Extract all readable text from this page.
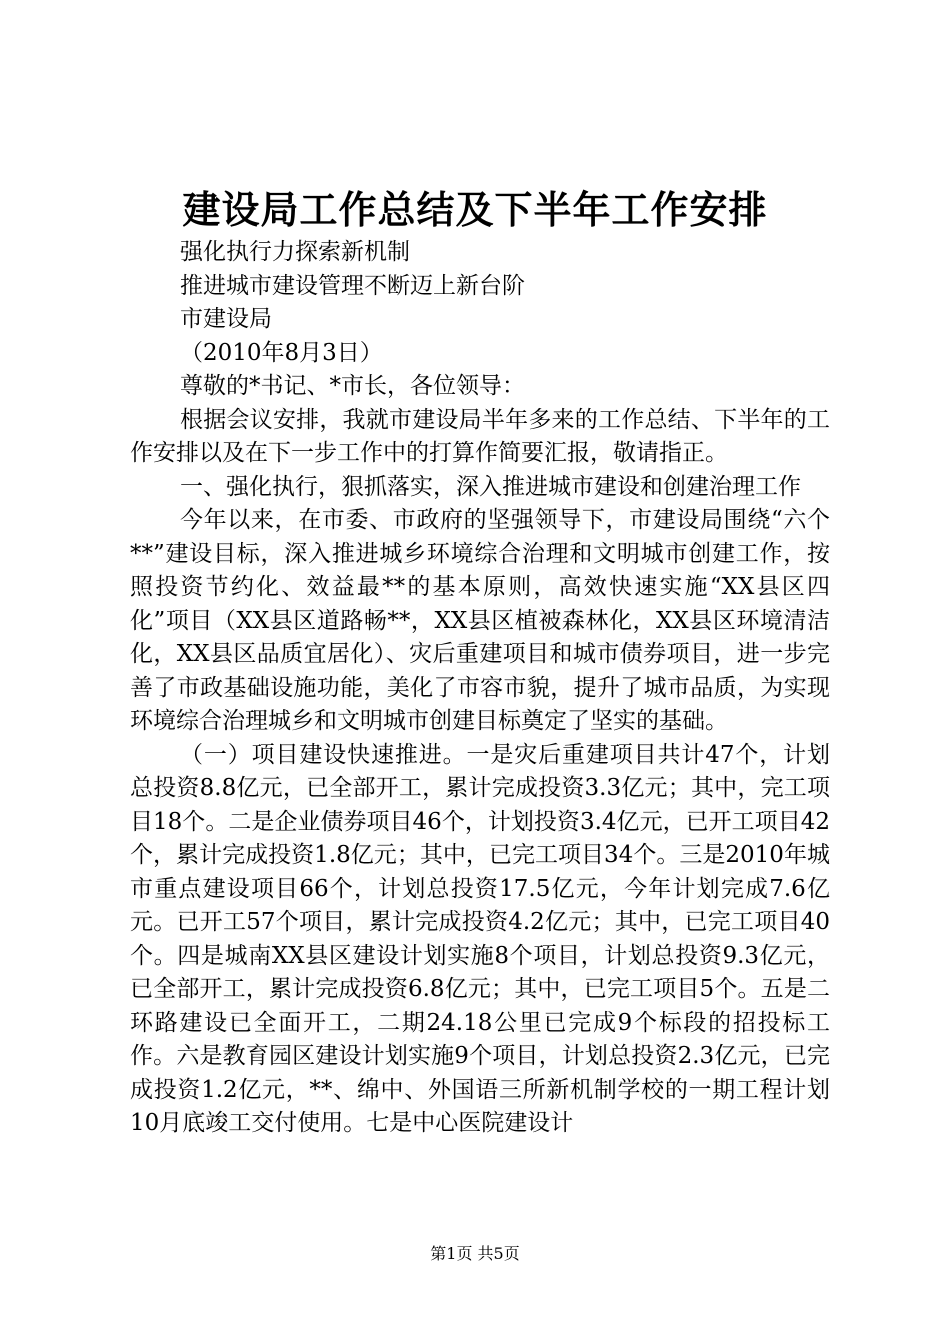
建设局工作总结及下半年工作安排

强化执行力探索新机制

推进城市建设管理不断迈上新台阶

市建设局

（2010年8月3日）

尊敬的*书记、*市长，各位领导：

根据会议安排，我就市建设局半年多来的工作总结、下半年的工作安排以及在下一步工作中的打算作简要汇报，敬请指正。

一、强化执行，狠抓落实，深入推进城市建设和创建治理工作

今年以来，在市委、市政府的坚强领导下，市建设局围绕“六个**”建设目标，深入推进城乡环境综合治理和文明城市创建工作，按照投资节约化、效益最**的基本原则，高效快速实施“XX县区四化”项目（XX县区道路畅**，XX县区植被森林化，XX县区环境清洁化，XX县区品质宜居化）、灾后重建项目和城市债券项目，进一步完善了市政基础设施功能，美化了市容市貌，提升了城市品质，为实现环境综合治理城乡和文明城市创建目标奠定了坚实的基础。

（一）项目建设快速推进。一是灾后重建项目共计47个，计划总投资8.8亿元，已全部开工，累计完成投资3.3亿元；其中，完工项目18个。二是企业债券项目46个，计划投资3.4亿元，已开工项目42个，累计完成投资1.8亿元；其中，已完工项目34个。三是2010年城市重点建设项目66个，计划总投资17.5亿元，今年计划完成7.6亿元。已开工57个项目，累计完成投资4.2亿元；其中，已完工项目40个。四是城南XX县区建设计划实施8个项目，计划总投资9.3亿元，已全部开工，累计完成投资6.8亿元；其中，已完工项目5个。五是二环路建设已全面开工，二期24.18公里已完成9个标段的招投标工作。六是教育园区建设计划实施9个项目，计划总投资2.3亿元，已完成投资1.2亿元，**、绵中、外国语三所新机制学校的一期工程计划10月底竣工交付使用。七是中心医院建设计

第1页 共5页
